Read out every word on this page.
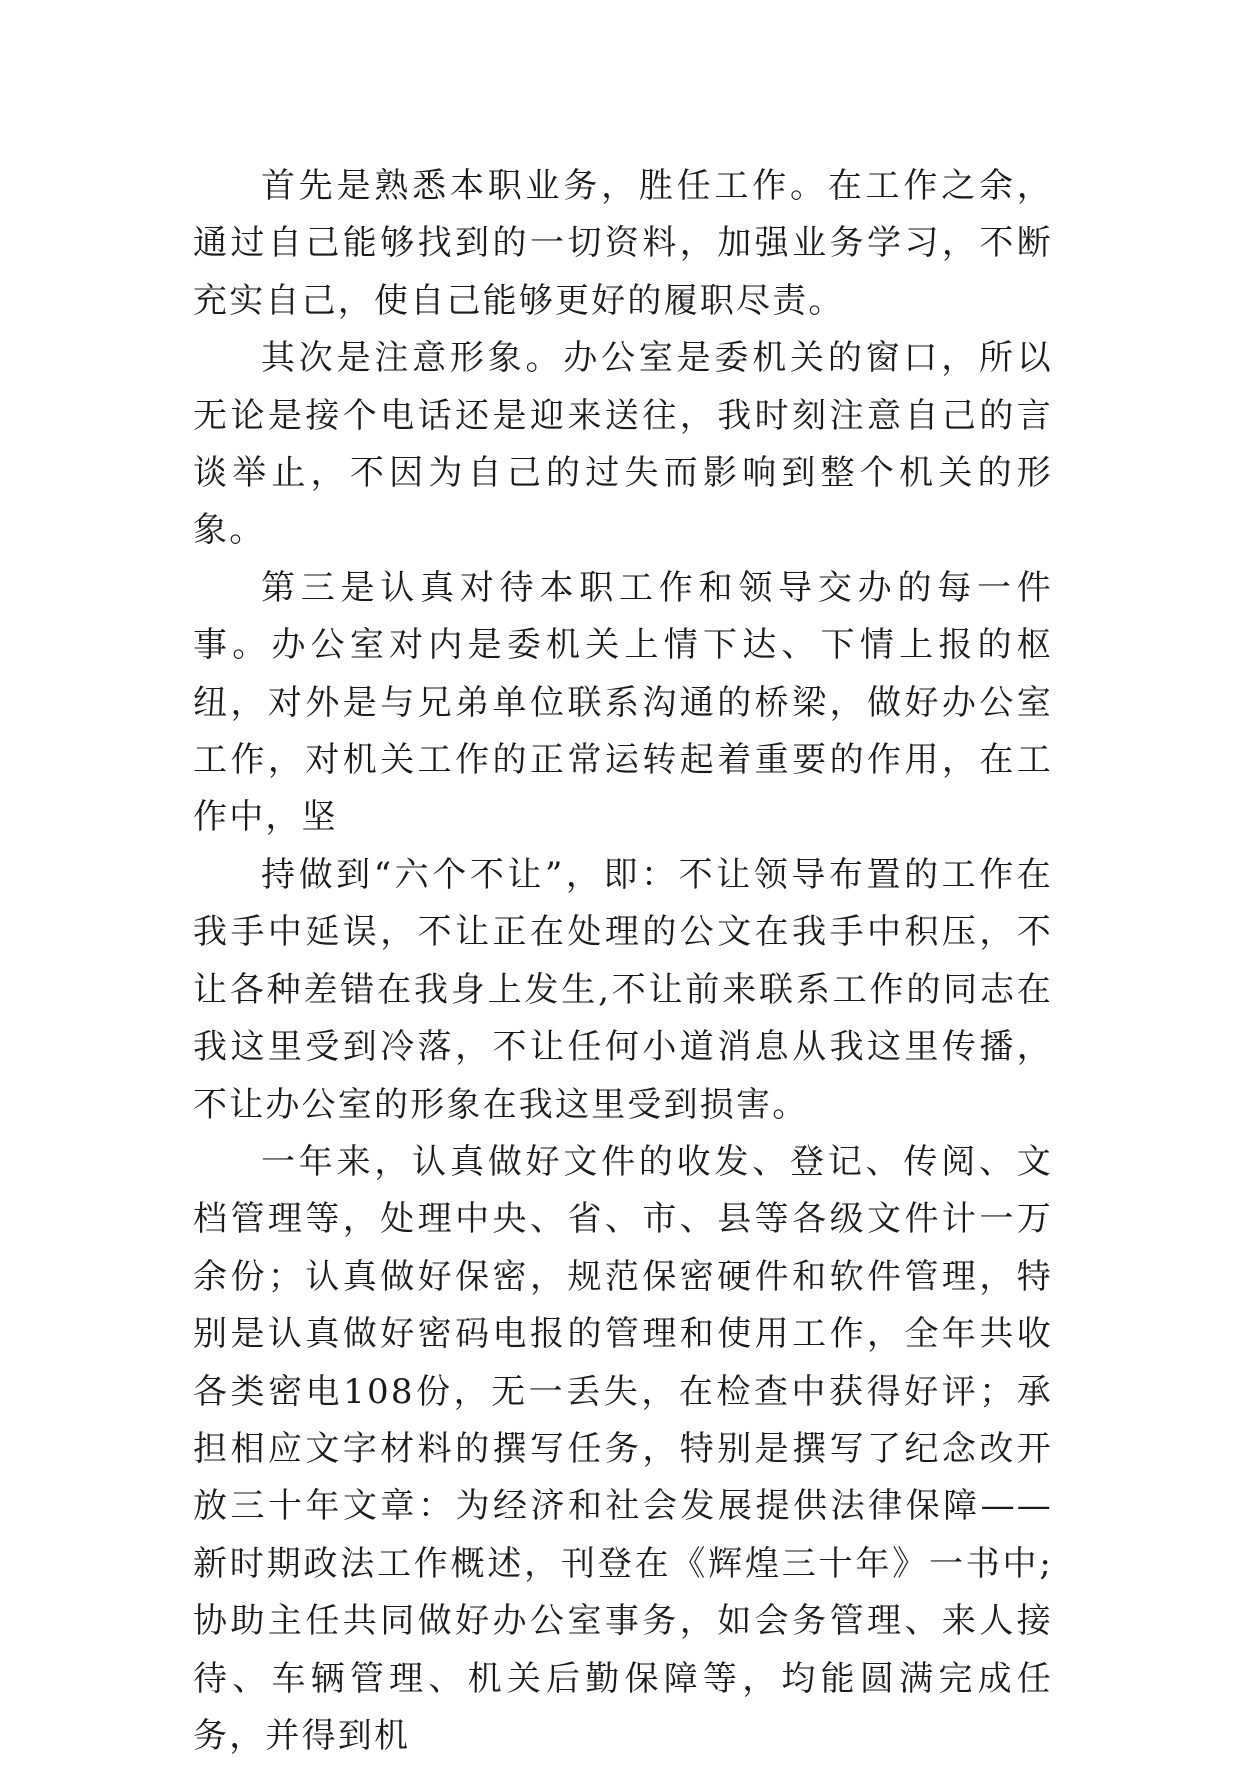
首先是熟悉本职业务，胜任工作。在工作之余，通过自己能够找到的一切资料，加强业务学习，不断充实自己，使自己能够更好的履职尽责。

其次是注意形象。办公室是委机关的窗口，所以无论是接个电话还是迎来送往，我时刻注意自己的言谈举止，不因为自己的过失而影响到整个机关的形象。

第三是认真对待本职工作和领导交办的每一件事。办公室对内是委机关上情下达、下情上报的枢纽，对外是与兄弟单位联系沟通的桥梁，做好办公室工作，对机关工作的正常运转起着重要的作用，在工作中，坚

持做到“六个不让”，即：不让领导布置的工作在我手中延误，不让正在处理的公文在我手中积压，不让各种差错在我身上发生,不让前来联系工作的同志在我这里受到冷落，不让任何小道消息从我这里传播，不让办公室的形象在我这里受到损害。

一年来，认真做好文件的收发、登记、传阅、文档管理等，处理中央、省、市、县等各级文件计一万余份；认真做好保密，规范保密硬件和软件管理，特别是认真做好密码电报的管理和使用工作，全年共收各类密电108份，无一丢失，在检查中获得好评；承担相应文字材料的撰写任务，特别是撰写了纪念改开放三十年文章：为经济和社会发展提供法律保障——新时期政法工作概述，刊登在《辉煌三十年》一书中; 协助主任共同做好办公室事务，如会务管理、来人接待、车辆管理、机关后勤保障等，均能圆满完成任务，并得到机
